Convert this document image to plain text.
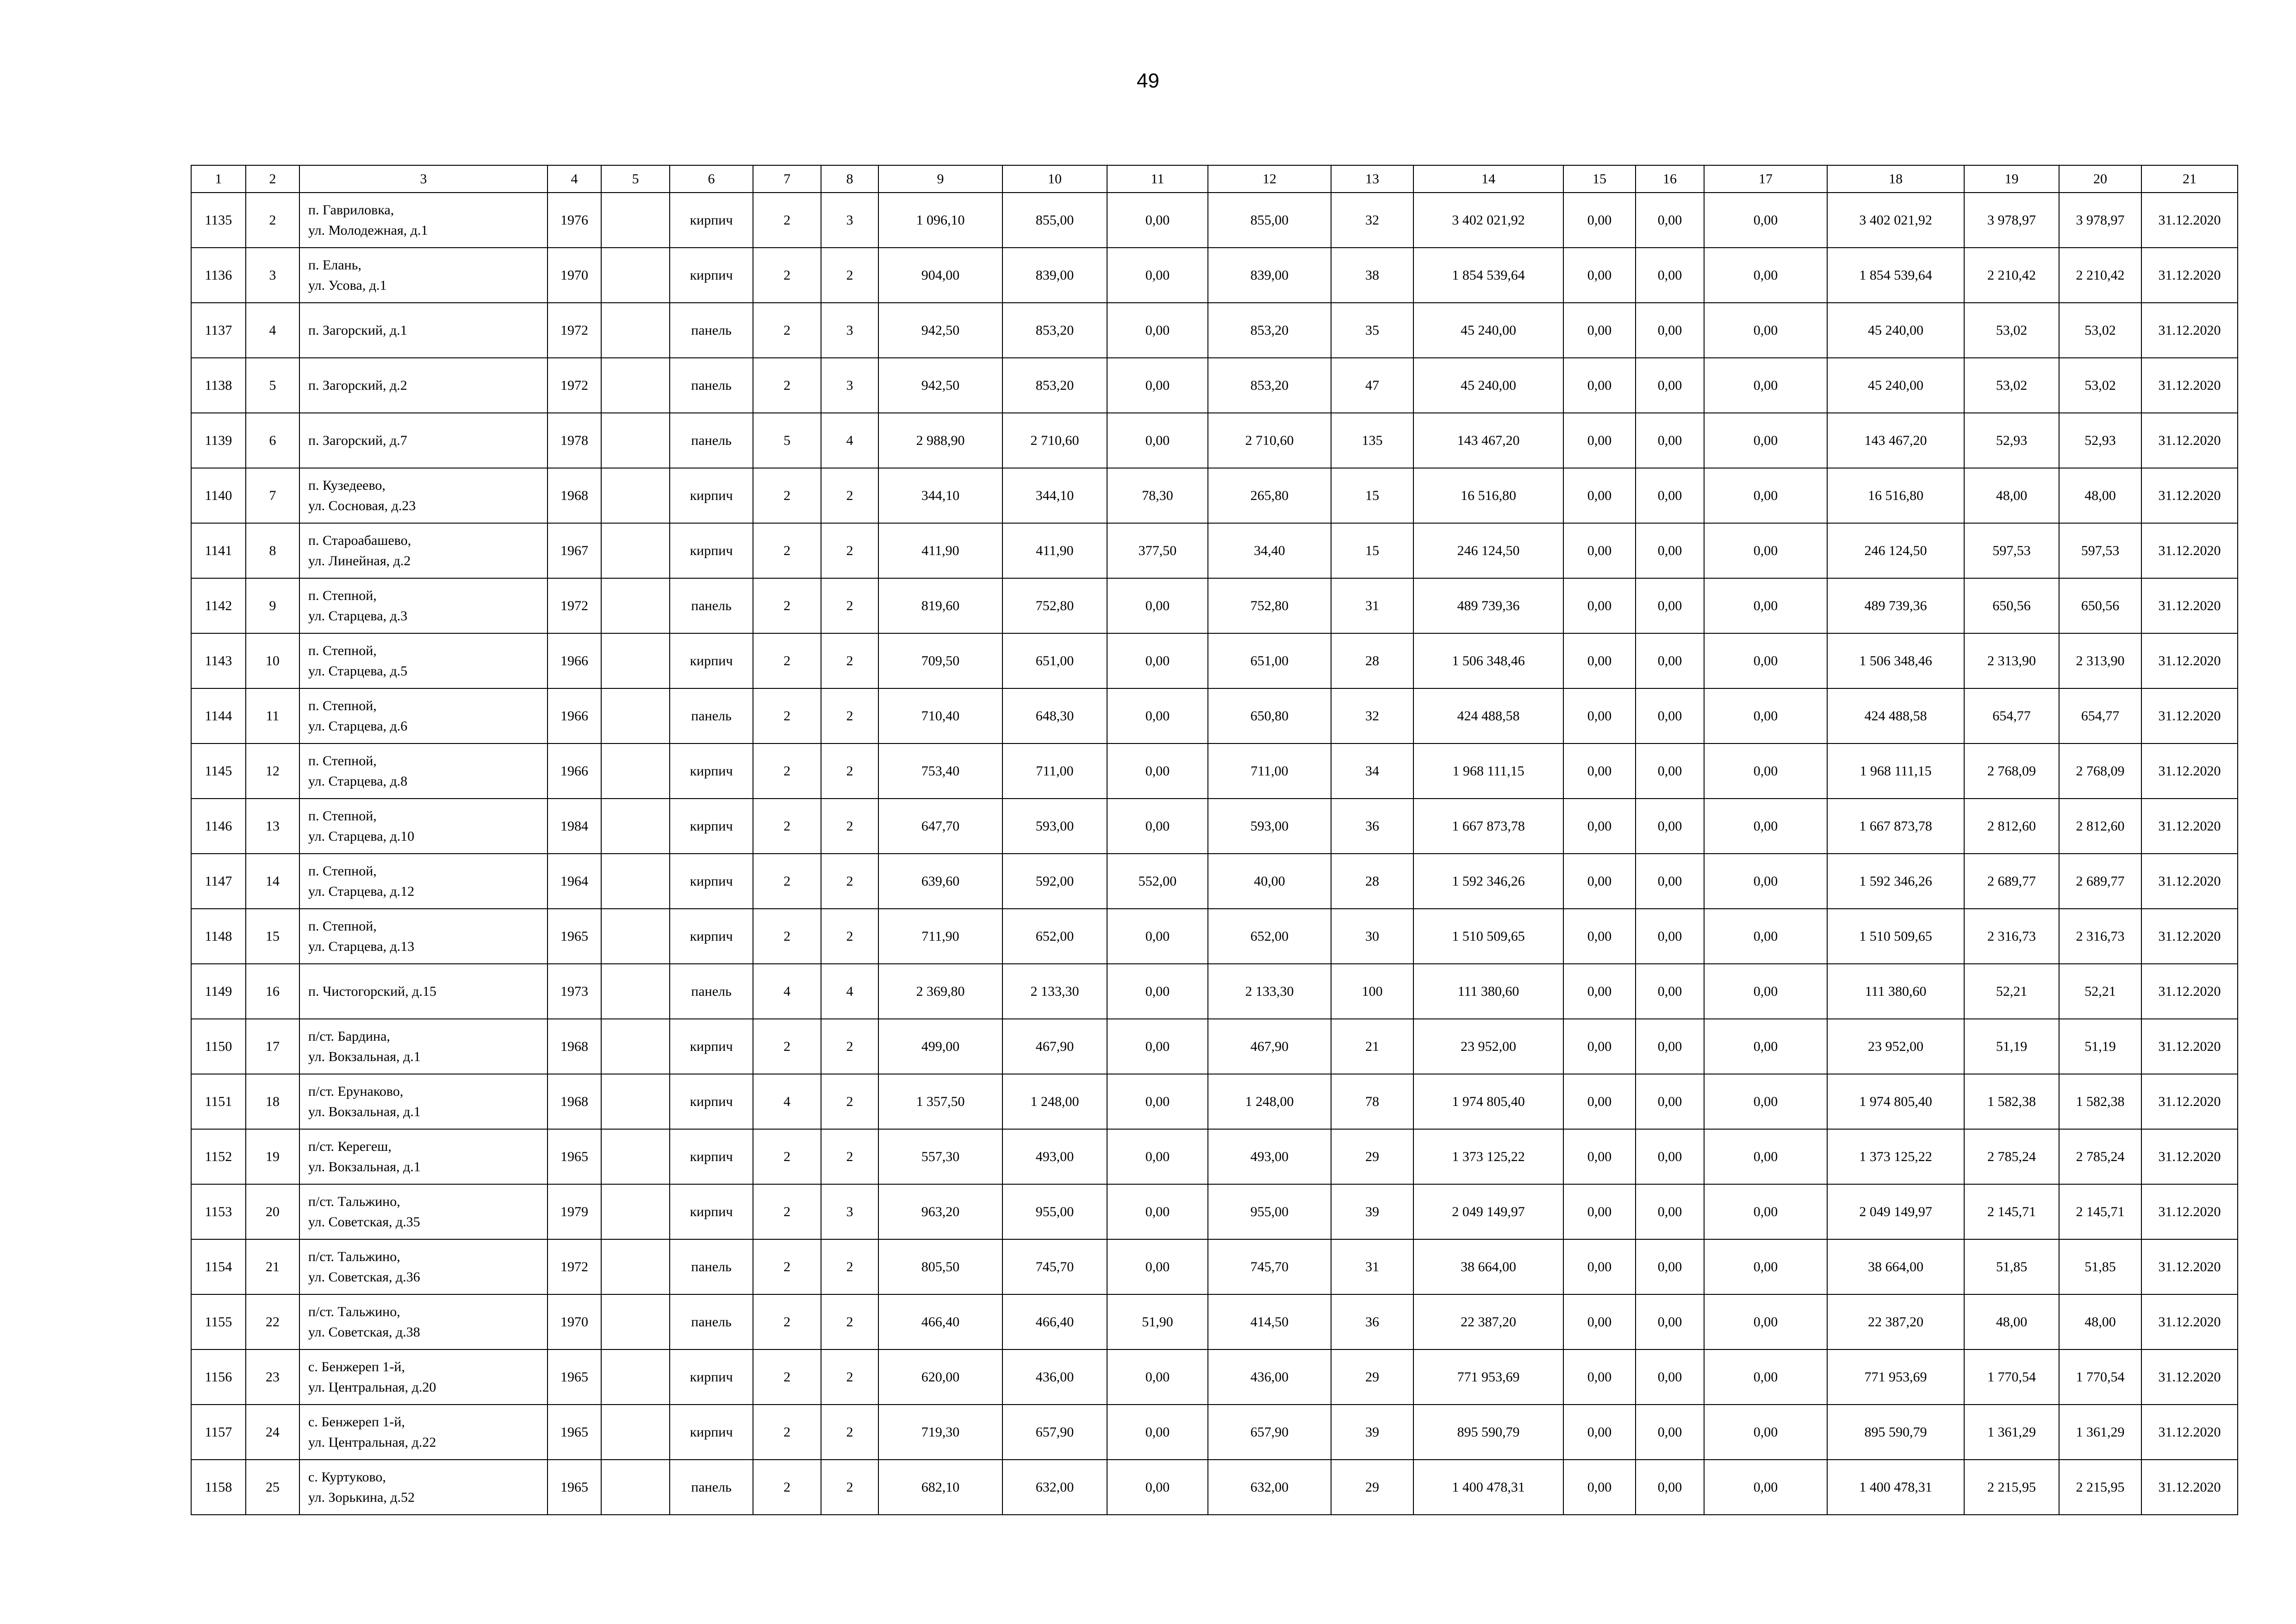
49
1	2	3	4	5	6	7	8	9	10	11	12	13	14	15	16	17	18	19	20	21
1135	2	п. Гавриловка,
ул. Молодежная, д.1	1976		кирпич	2	3	1 096,10	855,00	0,00	855,00	32	3 402 021,92	0,00	0,00	0,00	3 402 021,92	3 978,97	3 978,97	31.12.2020
1136	3	п. Елань,
ул. Усова, д.1	1970		кирпич	2	2	904,00	839,00	0,00	839,00	38	1 854 539,64	0,00	0,00	0,00	1 854 539,64	2 210,42	2 210,42	31.12.2020
1137	4	п. Загорский, д.1	1972		панель	2	3	942,50	853,20	0,00	853,20	35	45 240,00	0,00	0,00	0,00	45 240,00	53,02	53,02	31.12.2020
1138	5	п. Загорский, д.2	1972		панель	2	3	942,50	853,20	0,00	853,20	47	45 240,00	0,00	0,00	0,00	45 240,00	53,02	53,02	31.12.2020
1139	6	п. Загорский, д.7	1978		панель	5	4	2 988,90	2 710,60	0,00	2 710,60	135	143 467,20	0,00	0,00	0,00	143 467,20	52,93	52,93	31.12.2020
1140	7	п. Кузедеево,
ул. Сосновая, д.23	1968		кирпич	2	2	344,10	344,10	78,30	265,80	15	16 516,80	0,00	0,00	0,00	16 516,80	48,00	48,00	31.12.2020
1141	8	п. Староабашево,
ул. Линейная, д.2	1967		кирпич	2	2	411,90	411,90	377,50	34,40	15	246 124,50	0,00	0,00	0,00	246 124,50	597,53	597,53	31.12.2020
1142	9	п. Степной,
ул. Старцева, д.3	1972		панель	2	2	819,60	752,80	0,00	752,80	31	489 739,36	0,00	0,00	0,00	489 739,36	650,56	650,56	31.12.2020
1143	10	п. Степной,
ул. Старцева, д.5	1966		кирпич	2	2	709,50	651,00	0,00	651,00	28	1 506 348,46	0,00	0,00	0,00	1 506 348,46	2 313,90	2 313,90	31.12.2020
1144	11	п. Степной,
ул. Старцева, д.6	1966		панель	2	2	710,40	648,30	0,00	650,80	32	424 488,58	0,00	0,00	0,00	424 488,58	654,77	654,77	31.12.2020
1145	12	п. Степной,
ул. Старцева, д.8	1966		кирпич	2	2	753,40	711,00	0,00	711,00	34	1 968 111,15	0,00	0,00	0,00	1 968 111,15	2 768,09	2 768,09	31.12.2020
1146	13	п. Степной,
ул. Старцева, д.10	1984		кирпич	2	2	647,70	593,00	0,00	593,00	36	1 667 873,78	0,00	0,00	0,00	1 667 873,78	2 812,60	2 812,60	31.12.2020
1147	14	п. Степной,
ул. Старцева, д.12	1964		кирпич	2	2	639,60	592,00	552,00	40,00	28	1 592 346,26	0,00	0,00	0,00	1 592 346,26	2 689,77	2 689,77	31.12.2020
1148	15	п. Степной,
ул. Старцева, д.13	1965		кирпич	2	2	711,90	652,00	0,00	652,00	30	1 510 509,65	0,00	0,00	0,00	1 510 509,65	2 316,73	2 316,73	31.12.2020
1149	16	п. Чистогорский, д.15	1973		панель	4	4	2 369,80	2 133,30	0,00	2 133,30	100	111 380,60	0,00	0,00	0,00	111 380,60	52,21	52,21	31.12.2020
1150	17	п/ст. Бардина,
ул. Вокзальная, д.1	1968		кирпич	2	2	499,00	467,90	0,00	467,90	21	23 952,00	0,00	0,00	0,00	23 952,00	51,19	51,19	31.12.2020
1151	18	п/ст. Ерунаково,
ул. Вокзальная, д.1	1968		кирпич	4	2	1 357,50	1 248,00	0,00	1 248,00	78	1 974 805,40	0,00	0,00	0,00	1 974 805,40	1 582,38	1 582,38	31.12.2020
1152	19	п/ст. Керегеш,
ул. Вокзальная, д.1	1965		кирпич	2	2	557,30	493,00	0,00	493,00	29	1 373 125,22	0,00	0,00	0,00	1 373 125,22	2 785,24	2 785,24	31.12.2020
1153	20	п/ст. Тальжино,
ул. Советская, д.35	1979		кирпич	2	3	963,20	955,00	0,00	955,00	39	2 049 149,97	0,00	0,00	0,00	2 049 149,97	2 145,71	2 145,71	31.12.2020
1154	21	п/ст. Тальжино,
ул. Советская, д.36	1972		панель	2	2	805,50	745,70	0,00	745,70	31	38 664,00	0,00	0,00	0,00	38 664,00	51,85	51,85	31.12.2020
1155	22	п/ст. Тальжино,
ул. Советская, д.38	1970		панель	2	2	466,40	466,40	51,90	414,50	36	22 387,20	0,00	0,00	0,00	22 387,20	48,00	48,00	31.12.2020
1156	23	с. Бенжереп 1-й,
ул. Центральная, д.20	1965		кирпич	2	2	620,00	436,00	0,00	436,00	29	771 953,69	0,00	0,00	0,00	771 953,69	1 770,54	1 770,54	31.12.2020
1157	24	с. Бенжереп 1-й,
ул. Центральная, д.22	1965		кирпич	2	2	719,30	657,90	0,00	657,90	39	895 590,79	0,00	0,00	0,00	895 590,79	1 361,29	1 361,29	31.12.2020
1158	25	с. Куртуково,
ул. Зорькина, д.52	1965		панель	2	2	682,10	632,00	0,00	632,00	29	1 400 478,31	0,00	0,00	0,00	1 400 478,31	2 215,95	2 215,95	31.12.2020
